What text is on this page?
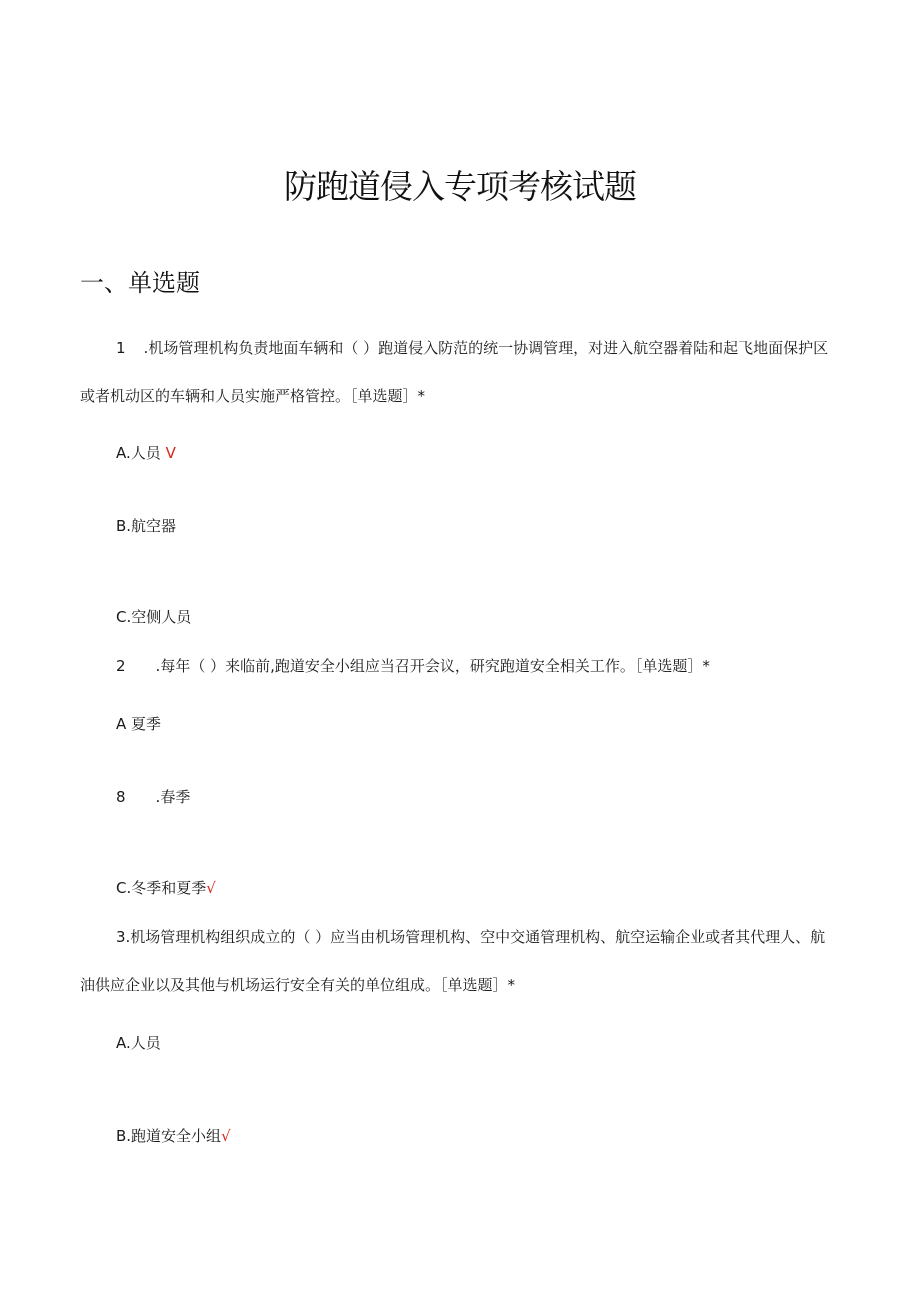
防跑道侵入专项考核试题
一、单选题
1 .机场管理机构负责地面车辆和（ ）跑道侵入防范的统一协调管理，对进入航空器着陆和起飞地面保护区
或者机动区的车辆和人员实施严格管控。［单选题］*
A.人员 V
B.航空器
C.空侧人员
2 .每年（ ）来临前,跑道安全小组应当召开会议，研究跑道安全相关工作。［单选题］*
A 夏季
8 .春季
C.冬季和夏季√
3.机场管理机构组织成立的（ ）应当由机场管理机构、空中交通管理机构、航空运输企业或者其代理人、航
油供应企业以及其他与机场运行安全有关的单位组成。［单选题］*
A.人员
B.跑道安全小组√
